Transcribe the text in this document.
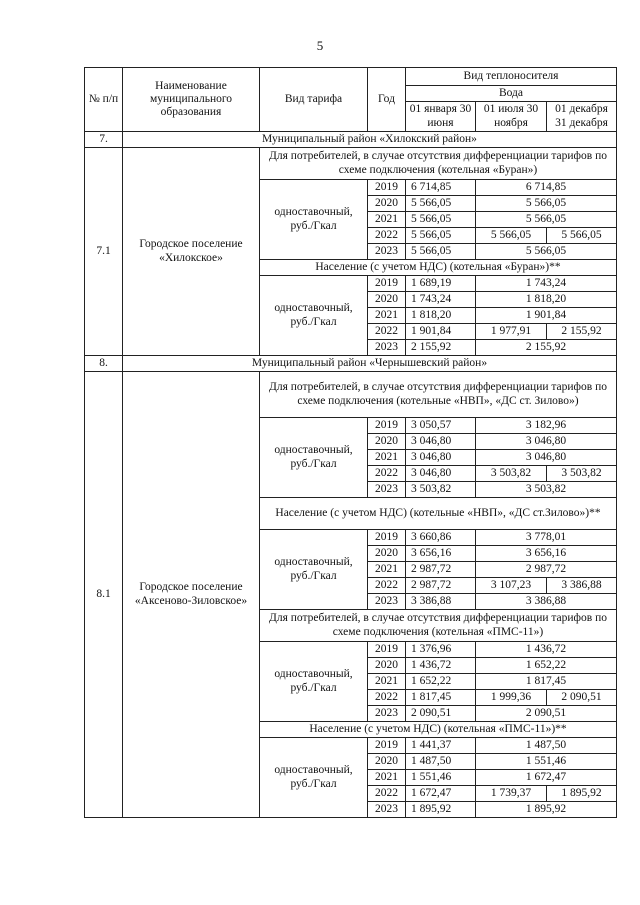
5
№ п/п	Наименование муниципального образования	Вид тарифа	Год	Вид теплоносителя		
				Вода		
				01 января 30 июня	01 июля 30 ноября	01 декабря 31 декабря
7.	Муниципальный район «Хилокский район»					
7.1	Городское поселение «Хилокское»	Для потребителей, в случае отсутствия дифференциации тарифов по схеме подключения (котельная «Буран»)				
		одноставочный, руб./Гкал	2019	6 714,85	6 714,85	
			2020	5 566,05	5 566,05	
			2021	5 566,05	5 566,05	
			2022	5 566,05	5 566,05	5 566,05
			2023	5 566,05	5 566,05	
		Население (с учетом НДС) (котельная «Буран»)**				
		одноставочный, руб./Гкал	2019	1 689,19	1 743,24	
			2020	1 743,24	1 818,20	
			2021	1 818,20	1 901,84	
			2022	1 901,84	1 977,91	2 155,92
			2023	2 155,92	2 155,92	
8.	Муниципальный район «Чернышевский район»					
8.1	Городское поселение «Аксеново-Зиловское»	Для потребителей, в случае отсутствия дифференциации тарифов по схеме подключения (котельные «НВП», «ДС ст. Зилово»)				
		одноставочный, руб./Гкал	2019	3 050,57	3 182,96	
			2020	3 046,80	3 046,80	
			2021	3 046,80	3 046,80	
			2022	3 046,80	3 503,82	3 503,82
			2023	3 503,82	3 503,82	
		Население (с учетом НДС) (котельные «НВП», «ДС ст.Зилово»)**				
		одноставочный, руб./Гкал	2019	3 660,86	3 778,01	
			2020	3 656,16	3 656,16	
			2021	2 987,72	2 987,72	
			2022	2 987,72	3 107,23	3 386,88
			2023	3 386,88	3 386,88	
		Для потребителей, в случае отсутствия дифференциации тарифов по схеме подключения (котельная «ПМС-11»)				
		одноставочный, руб./Гкал	2019	1 376,96	1 436,72	
			2020	1 436,72	1 652,22	
			2021	1 652,22	1 817,45	
			2022	1 817,45	1 999,36	2 090,51
			2023	2 090,51	2 090,51	
		Население (с учетом НДС) (котельная «ПМС-11»)**				
		одноставочный, руб./Гкал	2019	1 441,37	1 487,50	
			2020	1 487,50	1 551,46	
			2021	1 551,46	1 672,47	
			2022	1 672,47	1 739,37	1 895,92
			2023	1 895,92	1 895,92	
